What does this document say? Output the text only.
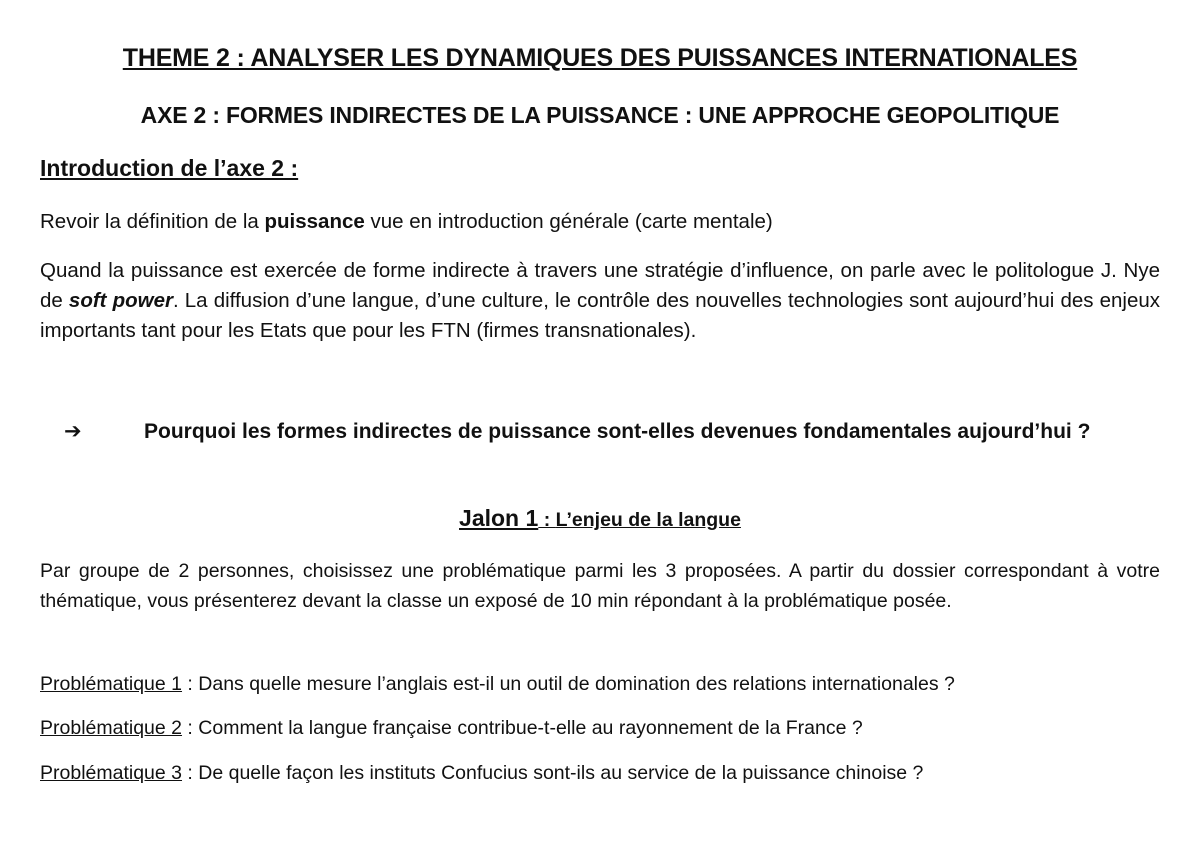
THEME 2 : ANALYSER LES DYNAMIQUES DES PUISSANCES INTERNATIONALES
AXE 2 : FORMES INDIRECTES DE LA PUISSANCE : UNE APPROCHE GEOPOLITIQUE
Introduction de l’axe 2 :
Revoir la définition de la puissance vue en introduction générale (carte mentale)
Quand la puissance est exercée de forme indirecte à travers une stratégie d’influence, on parle avec le politologue J. Nye de soft power. La diffusion d’une langue, d’une culture, le contrôle des nouvelles technologies sont aujourd’hui des enjeux importants tant pour les Etats que pour les FTN (firmes transnationales).
➔	Pourquoi les formes indirectes de puissance sont-elles devenues fondamentales aujourd’hui ?
Jalon 1 : L’enjeu de la langue
Par groupe de 2 personnes, choisissez une problématique parmi les 3 proposées. A partir du dossier correspondant à votre thématique, vous présenterez devant la classe un exposé de 10 min répondant à la problématique posée.
Problématique 1 : Dans quelle mesure l’anglais est-il un outil de domination des relations internationales ?
Problématique 2 : Comment la langue française contribue-t-elle au rayonnement de la France ?
Problématique 3 : De quelle façon les instituts Confucius sont-ils au service de la puissance chinoise ?
